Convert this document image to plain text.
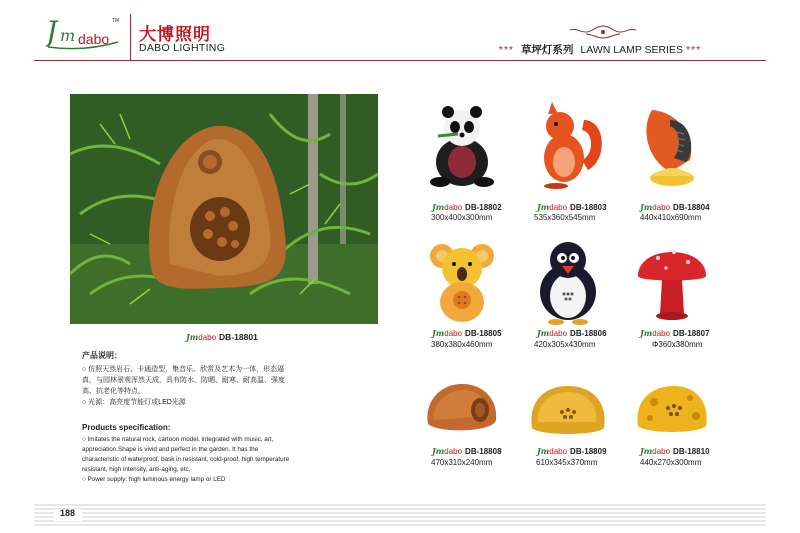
J m dabo
TM
大博照明
DABO LIGHTING	*** 草坪灯系列 LAWN LAMP SERIES ***
Jmdabo DB-18801
产品说明：
○ 仿照天然岩石、卡通造型，集音乐、欣赏及艺术为一体，形态逼真，与园林景观浑然天成，具有防水、防晒、耐寒、耐高温、强度高、抗老化等特点。
○ 光源：高亮度节能灯或LED光源
Products specification:
○ Imitates the natural rock, cartoon model, integrated with music, art, appreciation.Shape is vivid and perfect in the garden. It has the characteristic of waterproof, bask in resistant, cold-proof, high temperature resistant, high intensity, anti-aging, etc.
○ Power supply: high luminous energy lamp or LED
Jmdabo DB-18802
300x400x300mm
Jmdabo DB-18803
535x360x545mm
Jmdabo DB-18804
440x410x690mm
Jmdabo DB-18805
380x380x460mm
Jmdabo DB-18806
420x305x430mm
Jmdabo DB-18807
Φ360x380mm
Jmdabo DB-18808
470x310x240mm
Jmdabo DB-18809
610x345x370mm
Jmdabo DB-18810
440x270x300mm
188
